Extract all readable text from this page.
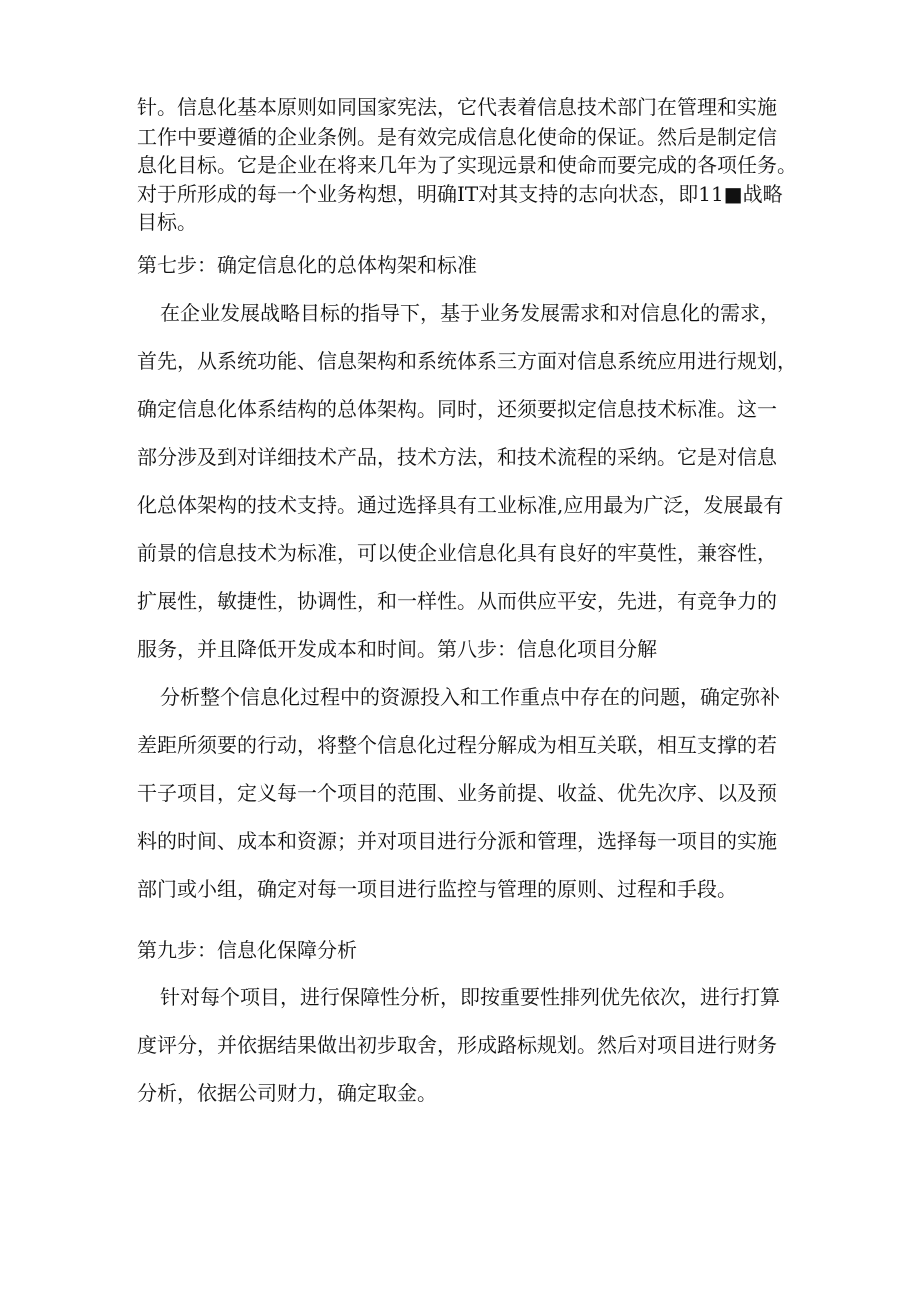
针。信息化基本原则如同国家宪法，它代表着信息技术部门在管理和实施
工作中要遵循的企业条例。是有效完成信息化使命的保证。然后是制定信
息化目标。它是企业在将来几年为了实现远景和使命而要完成的各项任务。
对于所形成的每一个业务构想，明确IT对其支持的志向状态，即11■战略
目标。
第七步：确定信息化的总体构架和标准
在企业发展战略目标的指导下，基于业务发展需求和对信息化的需求，
首先，从系统功能、信息架构和系统体系三方面对信息系统应用进行规划，
确定信息化体系结构的总体架构。同时，还须要拟定信息技术标准。这一
部分涉及到对详细技术产品，技术方法，和技术流程的采纳。它是对信息
化总体架构的技术支持。通过选择具有工业标准,应用最为广泛，发展最有
前景的信息技术为标准，可以使企业信息化具有良好的牢莫性，兼容性，
扩展性，敏捷性，协调性，和一样性。从而供应平安，先进，有竞争力的
服务，并且降低开发成本和时间。第八步：信息化项目分解
分析整个信息化过程中的资源投入和工作重点中存在的问题，确定弥补
差距所须要的行动，将整个信息化过程分解成为相互关联，相互支撑的若
干子项目，定义每一个项目的范围、业务前提、收益、优先次序、以及预
料的时间、成本和资源；并对项目进行分派和管理，选择每一项目的实施
部门或小组，确定对每一项目进行监控与管理的原则、过程和手段。
第九步：信息化保障分析
针对每个项目，进行保障性分析，即按重要性排列优先依次，进行打算
度评分，并依据结果做出初步取舍，形成路标规划。然后对项目进行财务
分析，依据公司财力，确定取金。
